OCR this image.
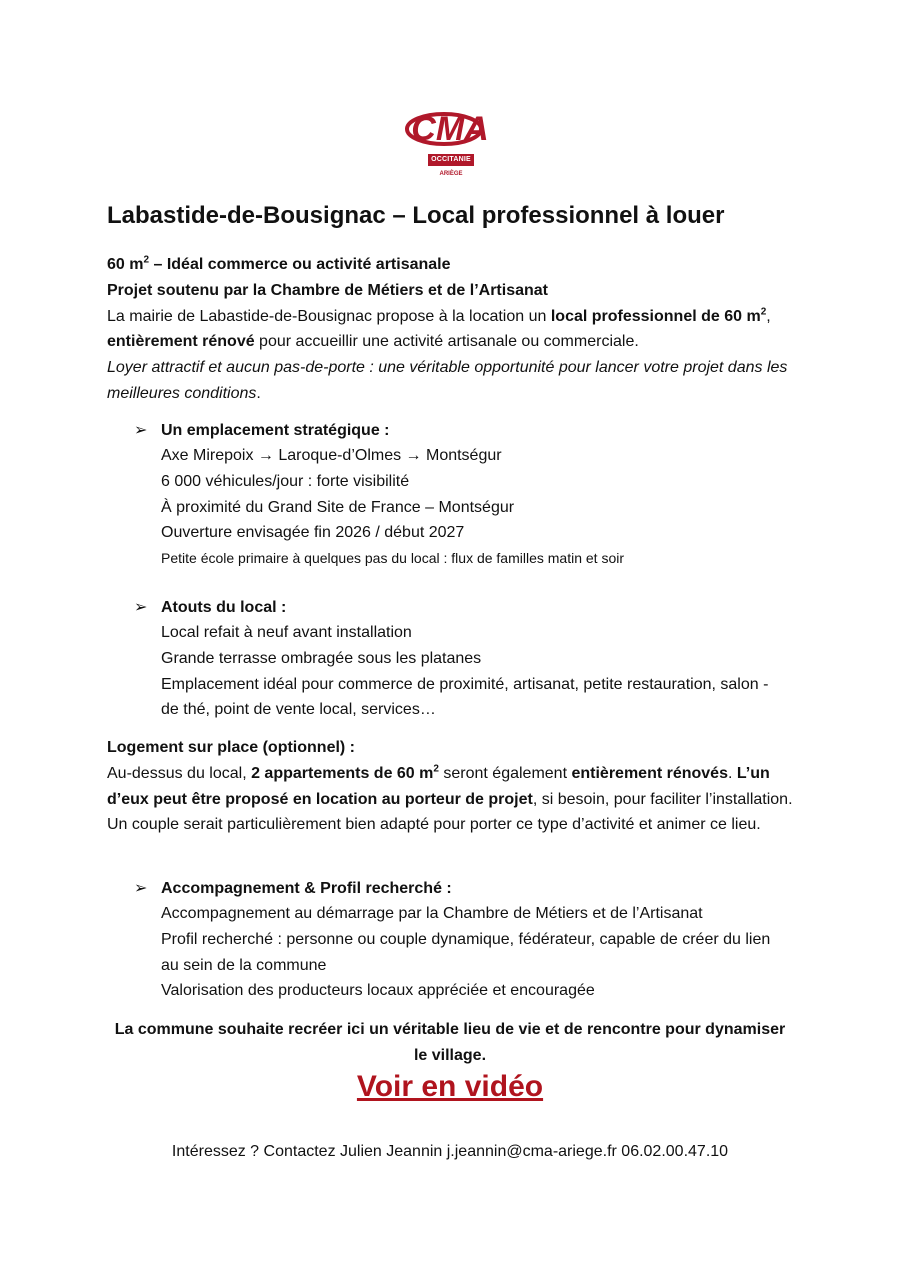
CMA
OCCITANIE
ARIÈGE
Labastide-de-Bousignac – Local professionnel à louer
60 $m^2$ – Idéal commerce ou activité artisanale
Projet soutenu par la Chambre de Métiers et de l’Artisanat
La mairie de Labastide-de-Bousignac propose à la location un local professionnel de 60 $m^2$, entièrement rénové pour accueillir une activité artisanale ou commerciale.
Loyer attractif et aucun pas-de-porte : une véritable opportunité pour lancer votre projet dans les meilleures conditions.
➢ Un emplacement stratégique :
Axe Mirepoix → Laroque-d’Olmes → Montségur
6 000 véhicules/jour : forte visibilité
À proximité du Grand Site de France – Montségur
Ouverture envisagée fin 2026 / début 2027
Petite école primaire à quelques pas du local : flux de familles matin et soir
➢ Atouts du local :
Local refait à neuf avant installation
Grande terrasse ombragée sous les platanes
Emplacement idéal pour commerce de proximité, artisanat, petite restauration, salon - de thé, point de vente local, services…
Logement sur place (optionnel) :
Au-dessus du local, 2 appartements de 60 $m^2$ seront également entièrement rénovés. L’un d’eux peut être proposé en location au porteur de projet, si besoin, pour faciliter l’installation. Un couple serait particulièrement bien adapté pour porter ce type d’activité et animer ce lieu.
➢ Accompagnement & Profil recherché :
Accompagnement au démarrage par la Chambre de Métiers et de l’Artisanat
Profil recherché : personne ou couple dynamique, fédérateur, capable de créer du lien au sein de la commune
Valorisation des producteurs locaux appréciée et encouragée
La commune souhaite recréer ici un véritable lieu de vie et de rencontre pour dynamiser le village.
Voir en vidéo
Intéressez ? Contactez Julien Jeannin j.jeannin@cma-ariege.fr 06.02.00.47.10
